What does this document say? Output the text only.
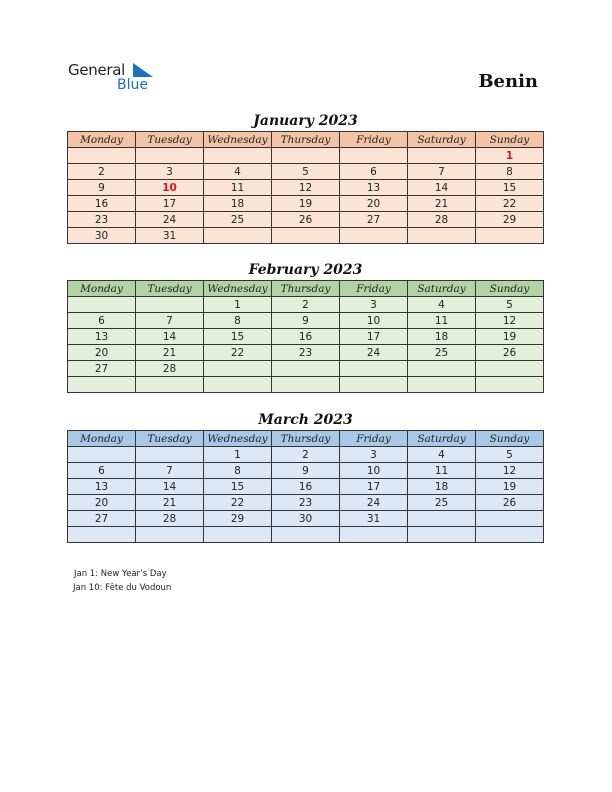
General
Blue	Benin
January 2023
Monday	Tuesday	Wednesday	Thursday	Friday	Saturday	Sunday
						1
2	3	4	5	6	7	8
9	10	11	12	13	14	15
16	17	18	19	20	21	22
23	24	25	26	27	28	29
30	31					
February 2023
Monday	Tuesday	Wednesday	Thursday	Friday	Saturday	Sunday
		1	2	3	4	5
6	7	8	9	10	11	12
13	14	15	16	17	18	19
20	21	22	23	24	25	26
27	28					

March 2023
Monday	Tuesday	Wednesday	Thursday	Friday	Saturday	Sunday
		1	2	3	4	5
6	7	8	9	10	11	12
13	14	15	16	17	18	19
20	21	22	23	24	25	26
27	28	29	30	31		

Jan 1: New Year’s Day
Jan 10: Fête du Vodoun
